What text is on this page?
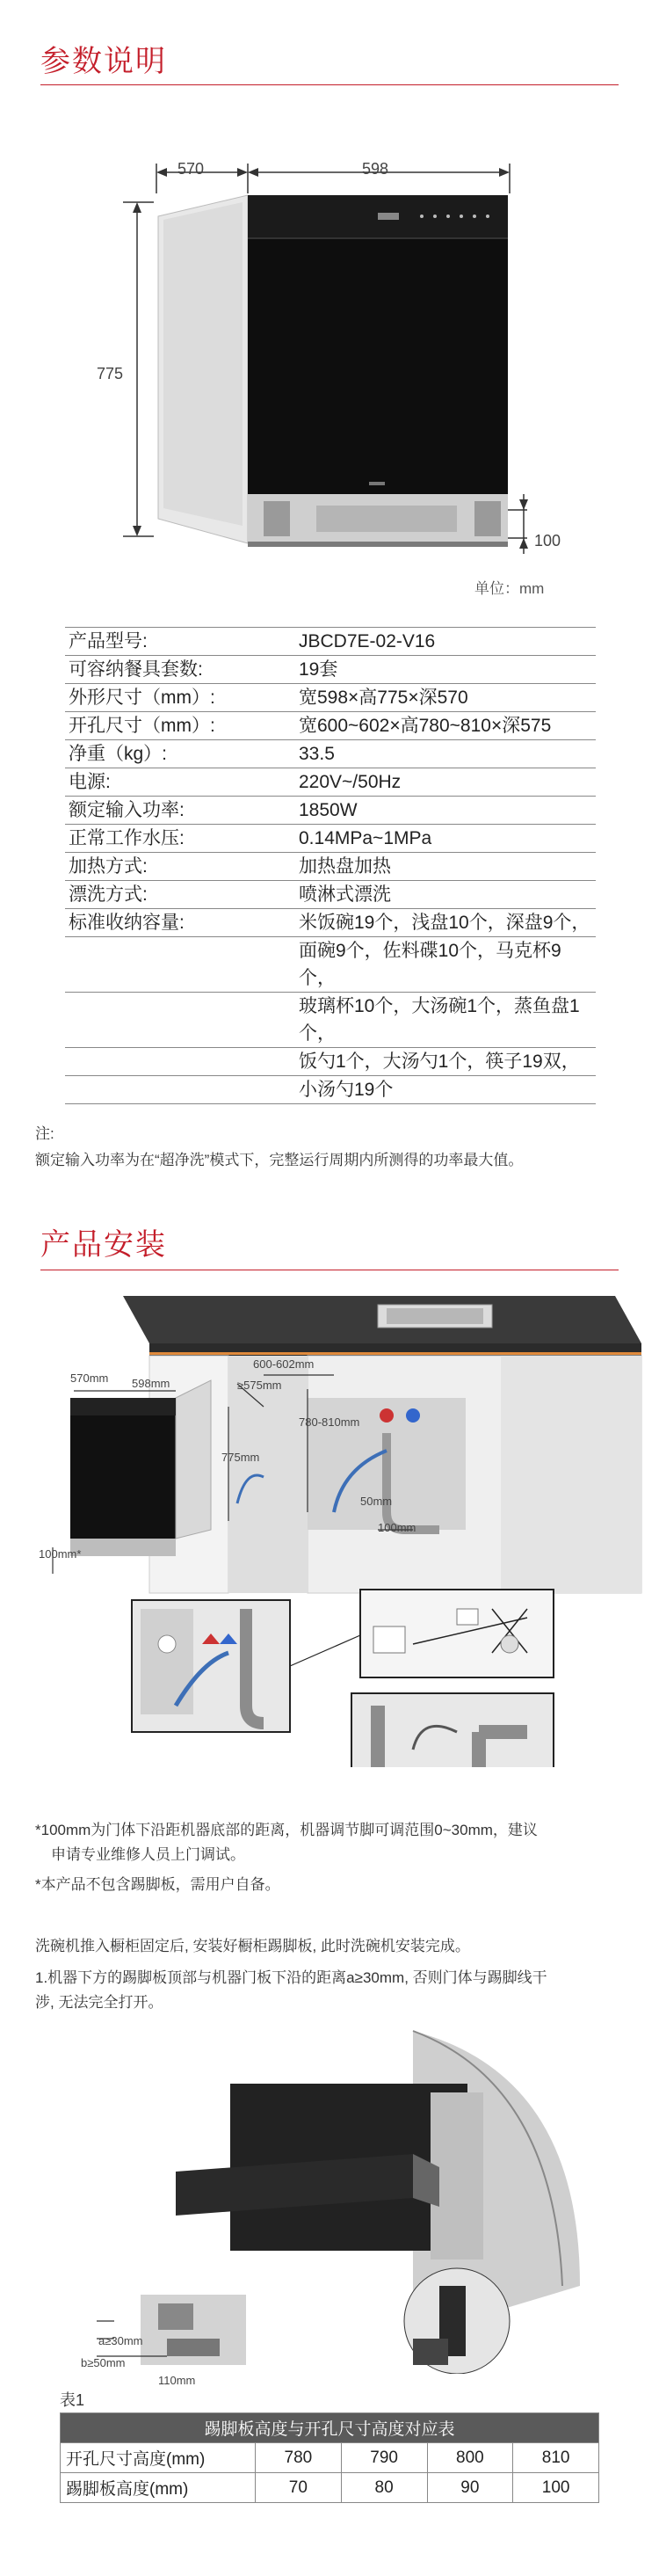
参数说明
570	598
775
100
单位：mm
产品型号:	JBCD7E-02-V16
可容纳餐具套数:	19套
外形尺寸（mm）:	宽598×高775×深570
开孔尺寸（mm）:	宽600~602×高780~810×深575
净重（kg）:	33.5
电源:	220V~/50Hz
额定输入功率:	1850W
正常工作水压:	0.14MPa~1MPa
加热方式:	加热盘加热
漂洗方式:	喷淋式漂洗
标准收纳容量:	米饭碗19个，浅盘10个，深盘9个，
面碗9个，佐料碟10个，马克杯9个，
玻璃杯10个，大汤碗1个，蒸鱼盘1个，
饭勺1个，大汤勺1个，筷子19双，
小汤勺19个
注:
额定输入功率为在“超净洗”模式下，完整运行周期内所测得的功率最大值。
产品安装
600-602mm
≥575mm
780-810mm
775mm
50mm
100mm
570mm 598mm
100mm*
*100mm为门体下沿距机器底部的距离，机器调节脚可调范围0~30mm，建议
申请专业维修人员上门调试。
*本产品不包含踢脚板，需用户自备。
洗碗机推入橱柜固定后, 安装好橱柜踢脚板, 此时洗碗机安装完成。
1.机器下方的踢脚板顶部与机器门板下沿的距离a≥30mm, 否则门体与踢脚线干
涉, 无法完全打开。
a≥30mm
b≥50mm
110mm
表1
踢脚板高度与开孔尺寸高度对应表				
开孔尺寸高度(mm)	780	790	800	810
踢脚板高度(mm)	70	80	90	100
